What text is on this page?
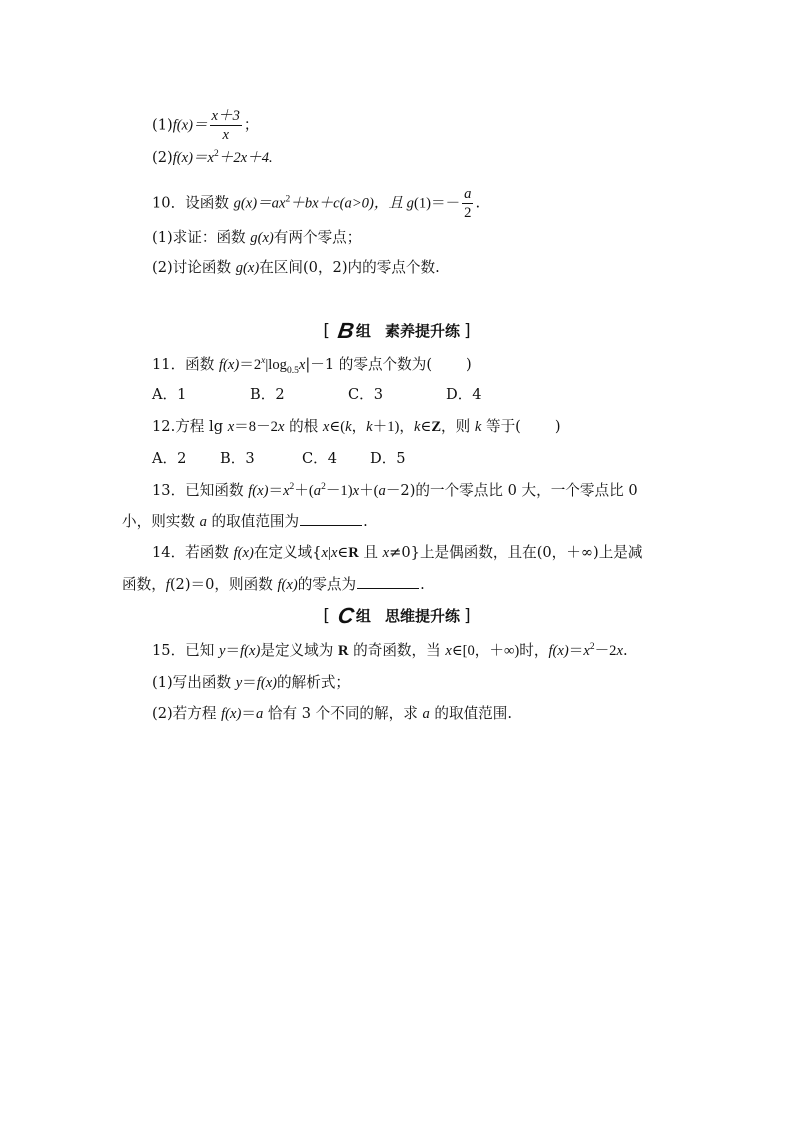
$(1)f(x)= \frac{x+3}{x}$ ；
$(2)f(x)=x^2+2x+4$.
10．设函数 $g(x)=ax^2+bx+c(a>0)$，且 $g(1)=- \frac{a}{2}$ .
(1)求证：函数 g(x)有两个零点；
(2)讨论函数 g(x)在区间(0，2)内的零点个数.
[ B组 素养提升练 ]
11．函数 $f(x)=2^x|\log_{0.5}x|-1$ 的零点个数为( )
A．1	B．2	C．3	D．4
12.方程 lg x＝8－2x 的根 x∈(k，k＋1)，k∈Z，则 k 等于( )
A．2 B．3	C．4 D．5
13．已知函数 $f(x)=x^2+(a^2-1)x+(a-2)$的一个零点比 0 大，一个零点比 0
小，则实数 a 的取值范围为	.
14．若函数 f(x)在定义域{x|x∈R 且 x≠0}上是偶函数，且在(0，＋∞)上是减
函数，f(2)＝0，则函数 f(x)的零点为	.
[ C组 思维提升练 ]
15．已知 y＝f(x)是定义域为 R 的奇函数，当 x∈[0，＋∞)时，$f(x)=x^2-2x$.
(1)写出函数 y＝f(x)的解析式；
(2)若方程 f(x)＝a 恰有 3 个不同的解，求 a 的取值范围.
